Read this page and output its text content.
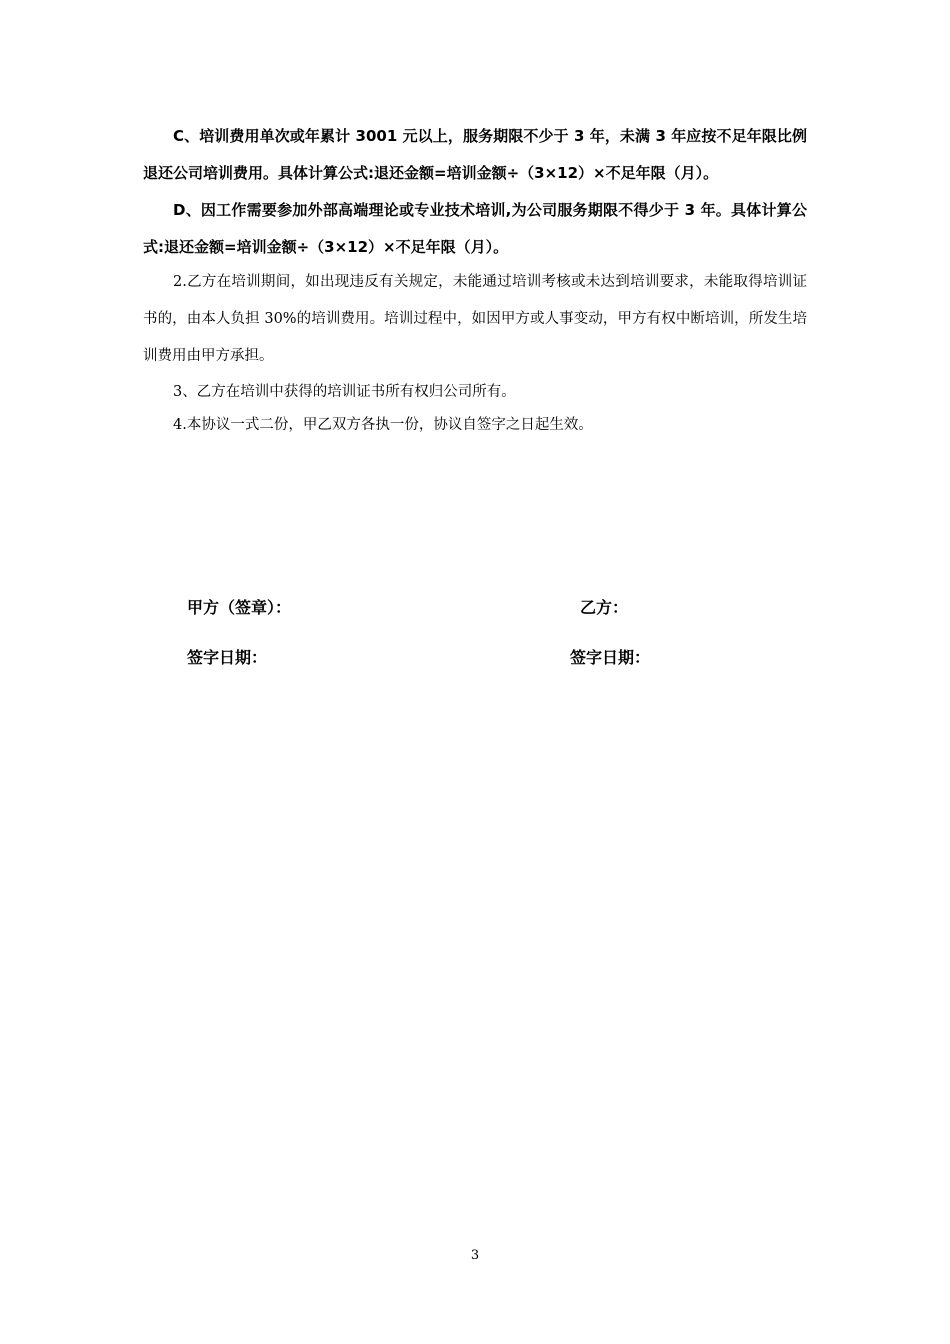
C、培训费用单次或年累计 3001 元以上，服务期限不少于 3 年，未满 3 年应按不足年限比例退还公司培训费用。具体计算公式:退还金额=培训金额÷（3×12）×不足年限（月）。

D、因工作需要参加外部高端理论或专业技术培训,为公司服务期限不得少于 3 年。具体计算公式:退还金额=培训金额÷（3×12）×不足年限（月）。

2.乙方在培训期间，如出现违反有关规定，未能通过培训考核或未达到培训要求，未能取得培训证书的，由本人负担 30%的培训费用。培训过程中，如因甲方或人事变动，甲方有权中断培训，所发生培训费用由甲方承担。

3、乙方在培训中获得的培训证书所有权归公司所有。

4.本协议一式二份，甲乙双方各执一份，协议自签字之日起生效。

甲方（签章）：	乙方：
签字日期：	签字日期：
3
